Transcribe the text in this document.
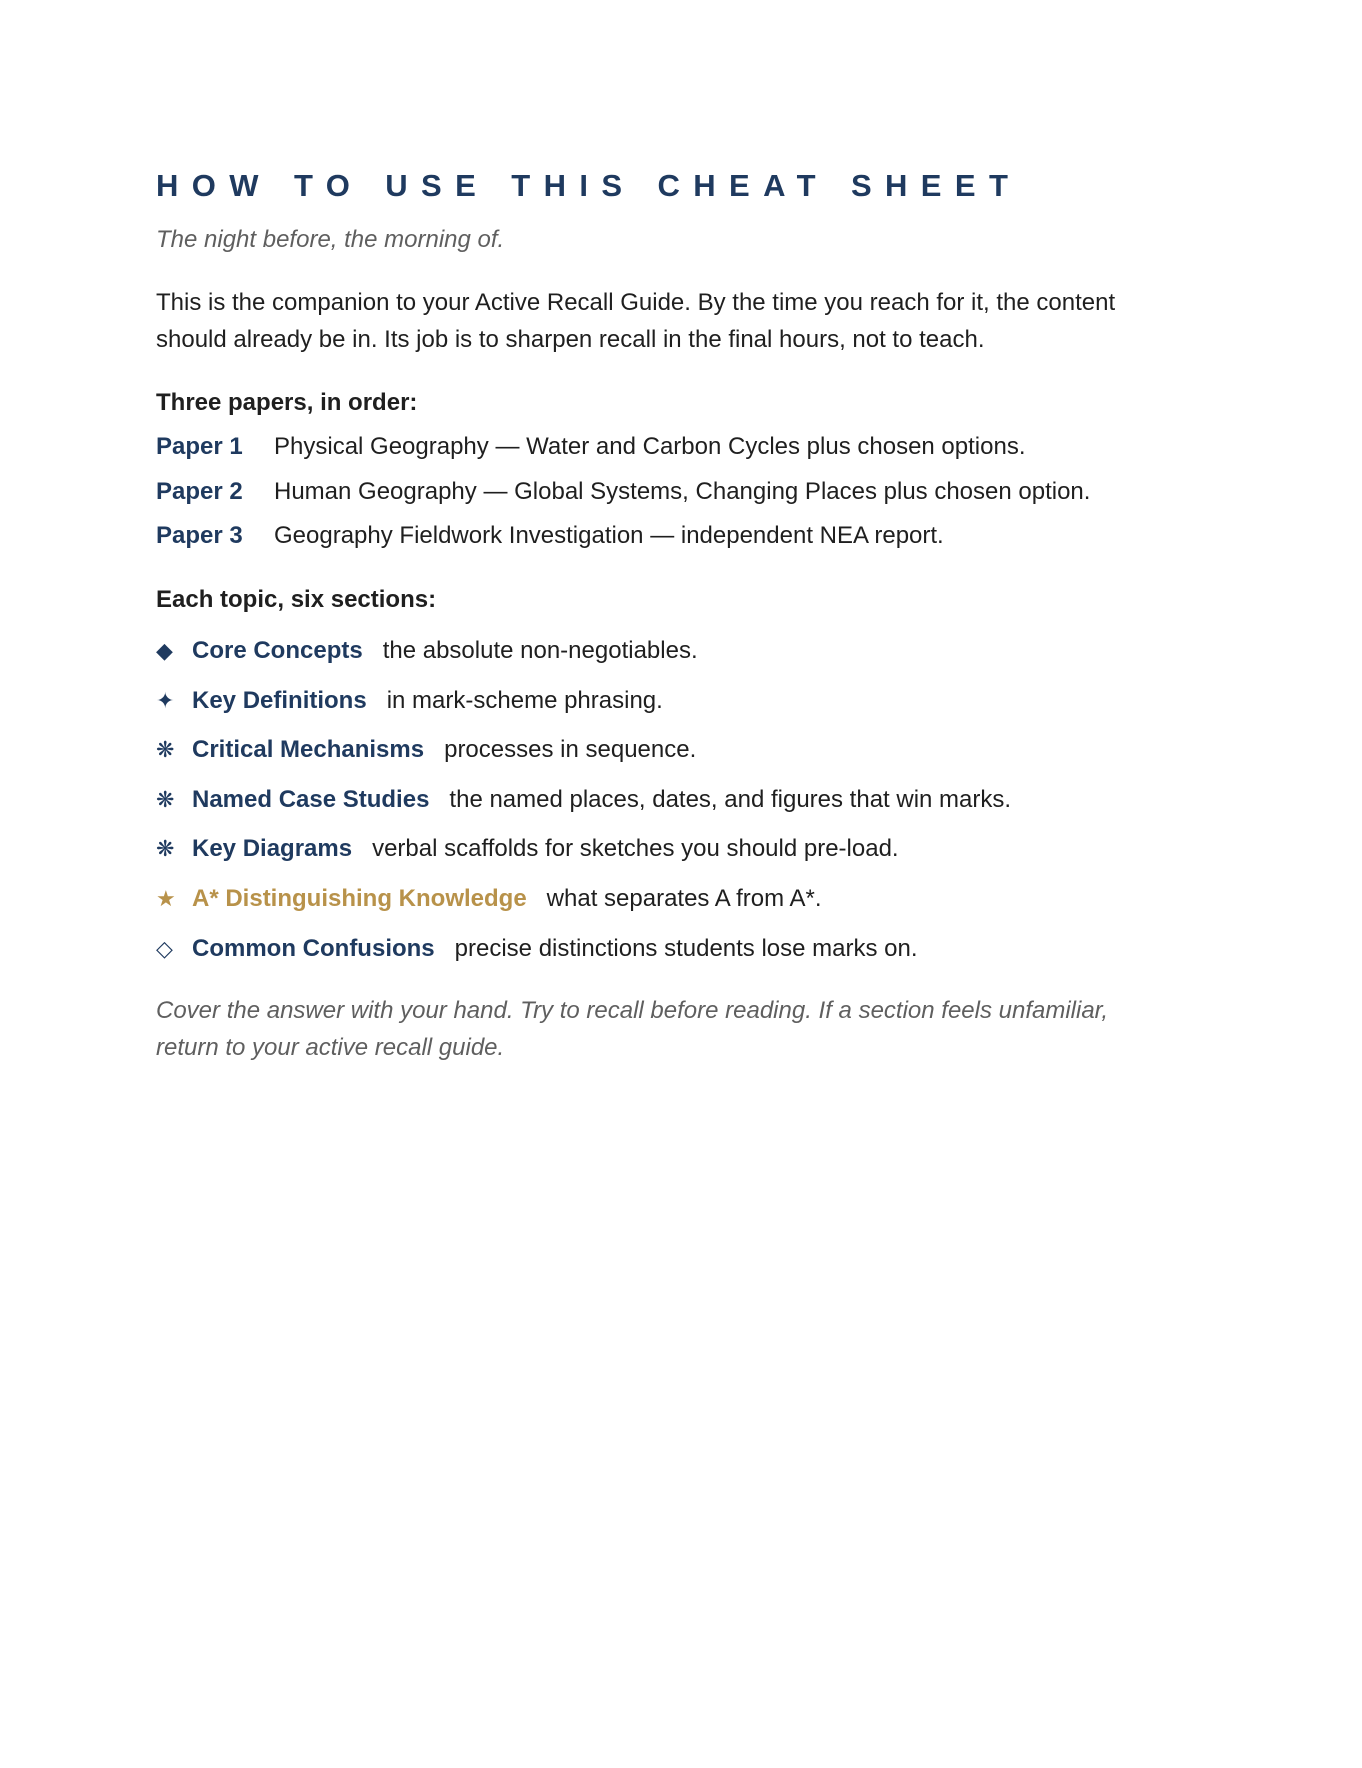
HOW TO USE THIS CHEAT SHEET

The night before, the morning of.

This is the companion to your Active Recall Guide. By the time you reach for it, the content should already be in. Its job is to sharpen recall in the final hours, not to teach.

Three papers, in order:
Paper 1	Physical Geography — Water and Carbon Cycles plus chosen options.
Paper 2	Human Geography — Global Systems, Changing Places plus chosen option.
Paper 3	Geography Fieldwork Investigation — independent NEA report.
Each topic, six sections:
◆ Core Concepts the absolute non-negotiables.
✦ Key Definitions in mark-scheme phrasing.
❋ Critical Mechanisms processes in sequence.
❋ Named Case Studies the named places, dates, and figures that win marks.
❋ Key Diagrams verbal scaffolds for sketches you should pre-load.
★ A* Distinguishing Knowledge what separates A from A*.
◇ Common Confusions precise distinctions students lose marks on.

Cover the answer with your hand. Try to recall before reading. If a section feels unfamiliar, return to your active recall guide.
